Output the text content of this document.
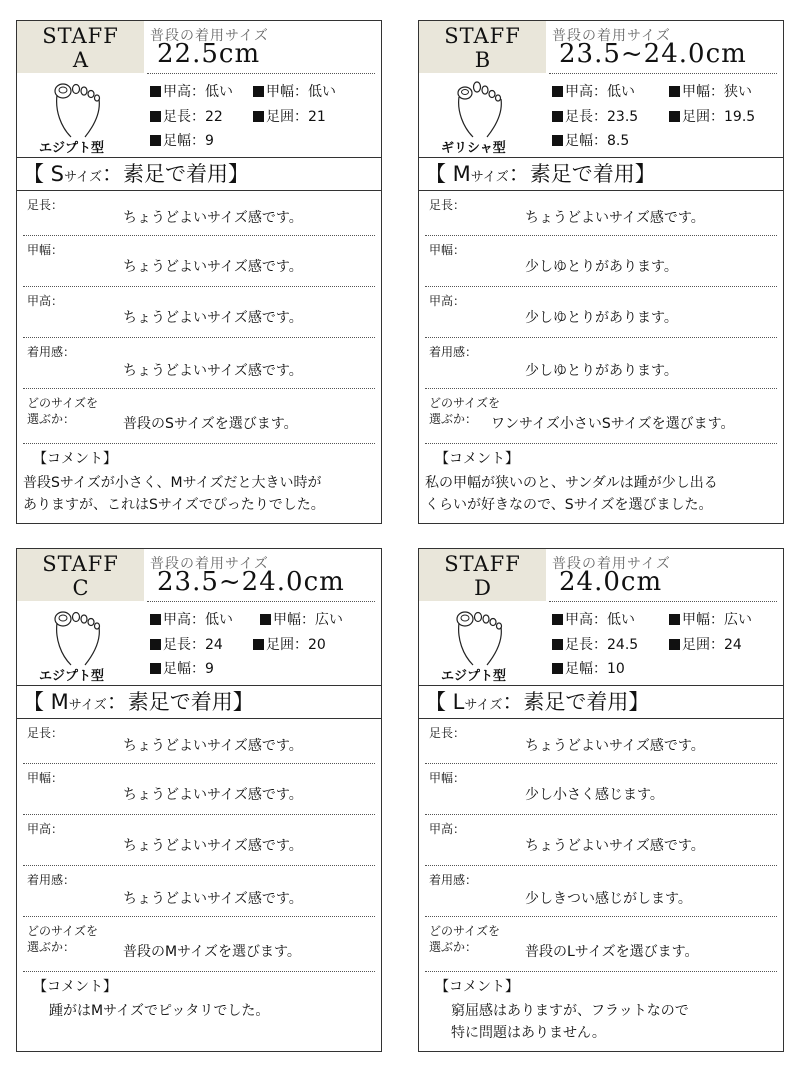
STAFF
A
エジプト型
普段の着用サイズ
22.5cm
甲高：低い	甲幅：低い
足長：22	足囲：21
足幅：9
【 Sサイズ：素足で着用】
足長：
ちょうどよいサイズ感です。
甲幅：
ちょうどよいサイズ感です。
甲高：
ちょうどよいサイズ感です。
着用感：
ちょうどよいサイズ感です。
どのサイズを
選ぶか：	普段のSサイズを選びます。
【コメント】
普段Sサイズが小さく、Mサイズだと大きい時が
ありますが、これはSサイズでぴったりでした。
STAFF
B
ギリシャ型
普段の着用サイズ
23.5~24.0cm
甲高：低い	甲幅：狭い
足長：23.5	足囲：19.5
足幅：8.5
【 Mサイズ：素足で着用】
足長：
ちょうどよいサイズ感です。
甲幅：
少しゆとりがあります。
甲高：
少しゆとりがあります。
着用感：
少しゆとりがあります。
どのサイズを
選ぶか： ワンサイズ小さいSサイズを選びます。
【コメント】
私の甲幅が狭いのと、サンダルは踵が少し出る
くらいが好きなので、Sサイズを選びました。
STAFF
C
エジプト型
普段の着用サイズ
23.5~24.0cm
甲高：低い	甲幅：広い
足長：24	足囲：20
足幅：9
【 Mサイズ：素足で着用】
足長：
ちょうどよいサイズ感です。
甲幅：
ちょうどよいサイズ感です。
甲高：
ちょうどよいサイズ感です。
着用感：
ちょうどよいサイズ感です。
どのサイズを
選ぶか：	普段のMサイズを選びます。
【コメント】
踵がはMサイズでピッタリでした。
STAFF
D
エジプト型
普段の着用サイズ
24.0cm
甲高：低い	甲幅：広い
足長：24.5	足囲：24
足幅：10
【 Lサイズ：素足で着用】
足長：
ちょうどよいサイズ感です。
甲幅：
少し小さく感じます。
甲高：
ちょうどよいサイズ感です。
着用感：
少しきつい感じがします。
どのサイズを
選ぶか：	普段のLサイズを選びます。
【コメント】
窮屈感はありますが、フラットなので
特に問題はありません。
